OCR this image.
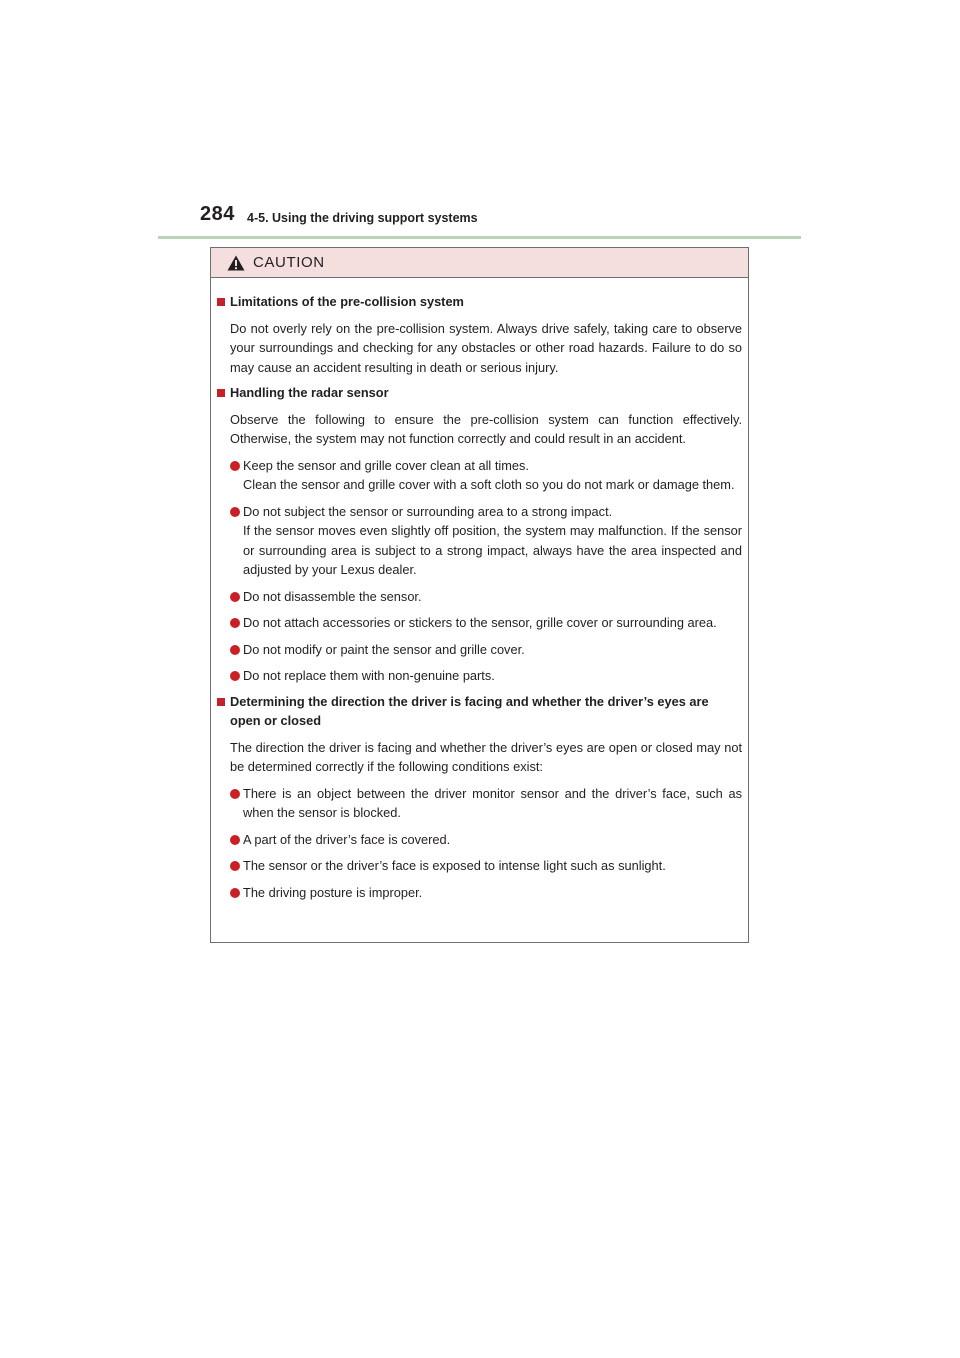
284 4-5. Using the driving support systems
CAUTION
Limitations of the pre-collision system
Do not overly rely on the pre-collision system. Always drive safely, taking care to observe your surroundings and checking for any obstacles or other road hazards. Failure to do so may cause an accident resulting in death or serious injury.
Handling the radar sensor
Observe the following to ensure the pre-collision system can function effectively. Otherwise, the system may not function correctly and could result in an accident.
Keep the sensor and grille cover clean at all times.
Clean the sensor and grille cover with a soft cloth so you do not mark or damage them.
Do not subject the sensor or surrounding area to a strong impact.
If the sensor moves even slightly off position, the system may malfunction. If the sensor or surrounding area is subject to a strong impact, always have the area inspected and adjusted by your Lexus dealer.
Do not disassemble the sensor.
Do not attach accessories or stickers to the sensor, grille cover or surrounding area.
Do not modify or paint the sensor and grille cover.
Do not replace them with non-genuine parts.
Determining the direction the driver is facing and whether the driver’s eyes are open or closed
The direction the driver is facing and whether the driver’s eyes are open or closed may not be determined correctly if the following conditions exist:
There is an object between the driver monitor sensor and the driver’s face, such as when the sensor is blocked.
A part of the driver’s face is covered.
The sensor or the driver’s face is exposed to intense light such as sunlight.
The driving posture is improper.
